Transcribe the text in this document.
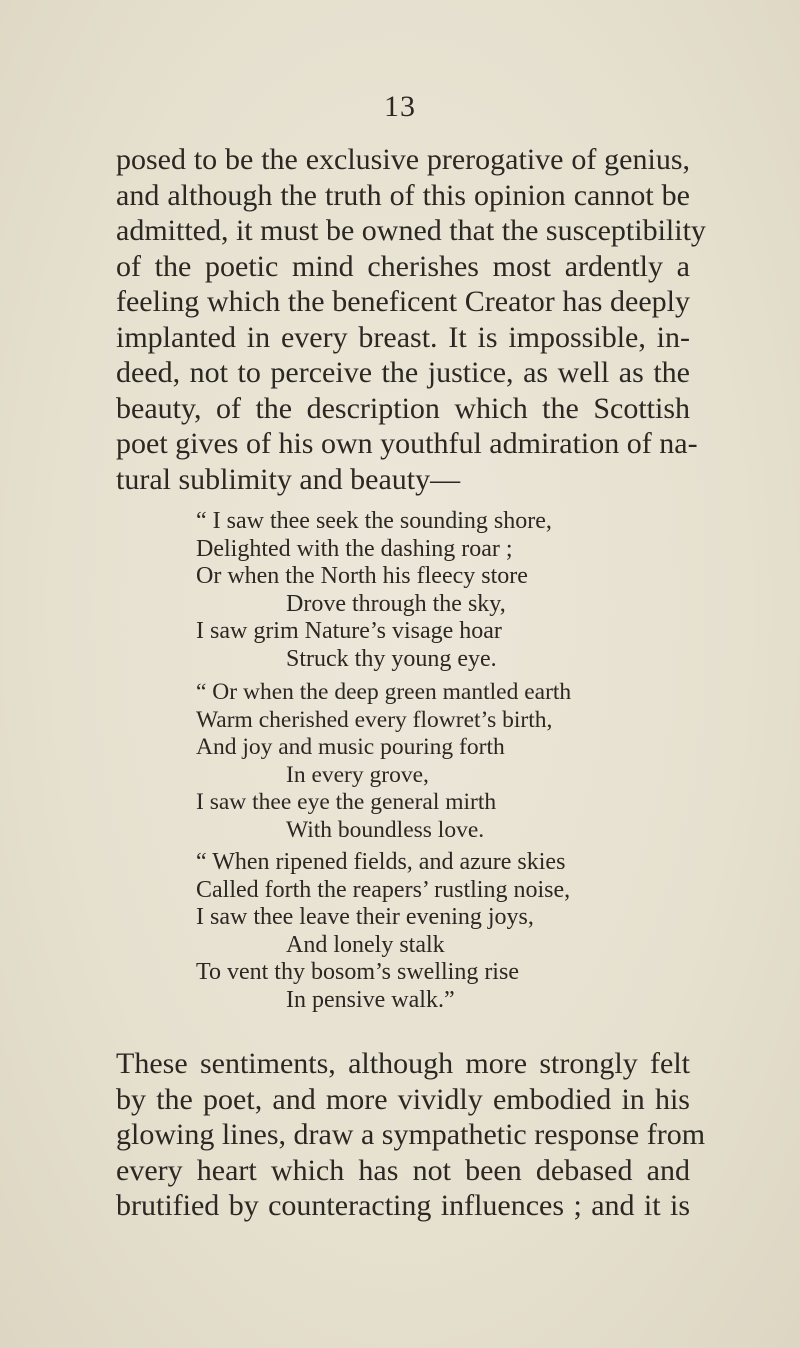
13
posed to be the exclusive prerogative of genius,
and although the truth of this opinion cannot be
admitted, it must be owned that the susceptibility
of the poetic mind cherishes most ardently a
feeling which the beneficent Creator has deeply
implanted in every breast. It is impossible, in-
deed, not to perceive the justice, as well as the
beauty, of the description which the Scottish
poet gives of his own youthful admiration of na-
tural sublimity and beauty—
“ I saw thee seek the sounding shore,
Delighted with the dashing roar ;
Or when the North his fleecy store
Drove through the sky,
I saw grim Nature’s visage hoar
Struck thy young eye.
“ Or when the deep green mantled earth
Warm cherished every flowret’s birth,
And joy and music pouring forth
In every grove,
I saw thee eye the general mirth
With boundless love.
“ When ripened fields, and azure skies
Called forth the reapers’ rustling noise,
I saw thee leave their evening joys,
And lonely stalk
To vent thy bosom’s swelling rise
In pensive walk.”
These sentiments, although more strongly felt
by the poet, and more vividly embodied in his
glowing lines, draw a sympathetic response from
every heart which has not been debased and
brutified by counteracting influences ; and it is
